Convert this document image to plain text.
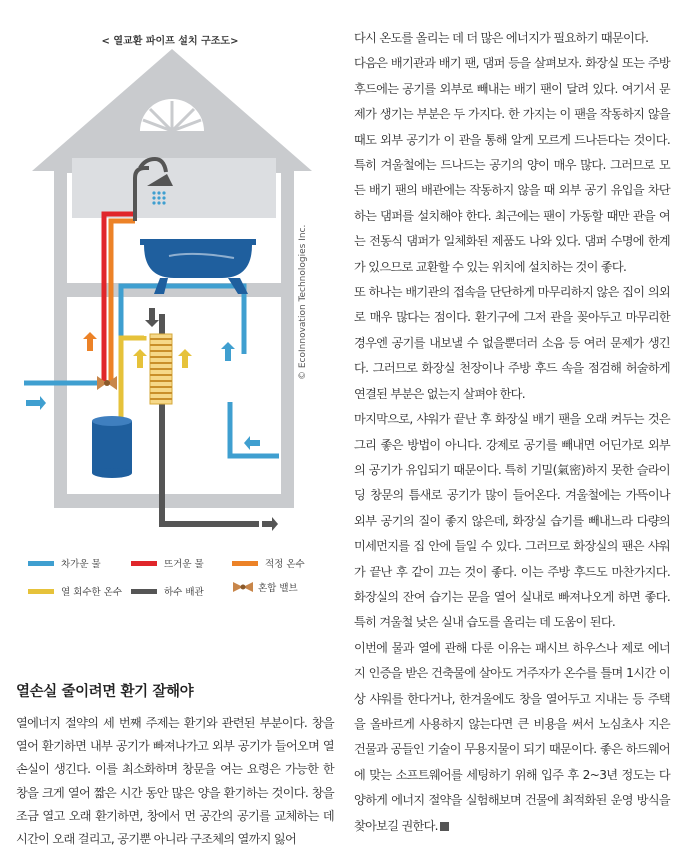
< 열교환 파이프 설치 구조도>
© EcoInnovation Technologies Inc.
차가운 물	뜨거운 물	적정 온수
열 회수한 온수	하수 배관	혼합 밸브
열손실 줄이려면 환기 잘해야

열에너지 절약의 세 번째 주제는 환기와 관련된 부분이다. 창을 열어 환기하면 내부 공기가 빠져나가고 외부 공기가 들어오며 열손실이 생긴다. 이를 최소화하며 창문을 여는 요령은 가능한 한 창을 크게 열어 짧은 시간 동안 많은 양을 환기하는 것이다. 창을 조금 열고 오래 환기하면, 창에서 먼 공간의 공기를 교체하는 데 시간이 오래 걸리고, 공기뿐 아니라 구조체의 열까지 잃어

다시 온도를 올리는 데 더 많은 에너지가 필요하기 때문이다.

다음은 배기관과 배기 팬, 댐퍼 등을 살펴보자. 화장실 또는 주방 후드에는 공기를 외부로 빼내는 배기 팬이 달려 있다. 여기서 문제가 생기는 부분은 두 가지다. 한 가지는 이 팬을 작동하지 않을 때도 외부 공기가 이 관을 통해 알게 모르게 드나든다는 것이다. 특히 겨울철에는 드나드는 공기의 양이 매우 많다. 그러므로 모든 배기 팬의 배관에는 작동하지 않을 때 외부 공기 유입을 차단하는 댐퍼를 설치해야 한다. 최근에는 팬이 가동할 때만 관을 여는 전동식 댐퍼가 일체화된 제품도 나와 있다. 댐퍼 수명에 한계가 있으므로 교환할 수 있는 위치에 설치하는 것이 좋다.

또 하나는 배기관의 접속을 단단하게 마무리하지 않은 집이 의외로 매우 많다는 점이다. 환기구에 그저 관을 꽂아두고 마무리한 경우엔 공기를 내보낼 수 없을뿐더러 소음 등 여러 문제가 생긴다. 그러므로 화장실 천장이나 주방 후드 속을 점검해 허술하게 연결된 부분은 없는지 살펴야 한다.

마지막으로, 샤워가 끝난 후 화장실 배기 팬을 오래 켜두는 것은 그리 좋은 방법이 아니다. 강제로 공기를 빼내면 어딘가로 외부의 공기가 유입되기 때문이다. 특히 기밀(氣密)하지 못한 슬라이딩 창문의 틈새로 공기가 많이 들어온다. 겨울철에는 가뜩이나 외부 공기의 질이 좋지 않은데, 화장실 습기를 빼내느라 다량의 미세먼지를 집 안에 들일 수 있다. 그러므로 화장실의 팬은 샤워가 끝난 후 같이 끄는 것이 좋다. 이는 주방 후드도 마찬가지다. 화장실의 잔여 습기는 문을 열어 실내로 빠져나오게 하면 좋다. 특히 겨울철 낮은 실내 습도를 올리는 데 도움이 된다.

이번에 물과 열에 관해 다룬 이유는 패시브 하우스나 제로 에너지 인증을 받은 건축물에 살아도 거주자가 온수를 틀며 1시간 이상 샤워를 한다거나, 한겨울에도 창을 열어두고 지내는 등 주택을 올바르게 사용하지 않는다면 큰 비용을 써서 노심초사 지은 건물과 공들인 기술이 무용지물이 되기 때문이다. 좋은 하드웨어에 맞는 소프트웨어를 세팅하기 위해 입주 후 2~3년 정도는 다양하게 에너지 절약을 실험해보며 건물에 최적화된 운영 방식을 찾아보길 권한다.
